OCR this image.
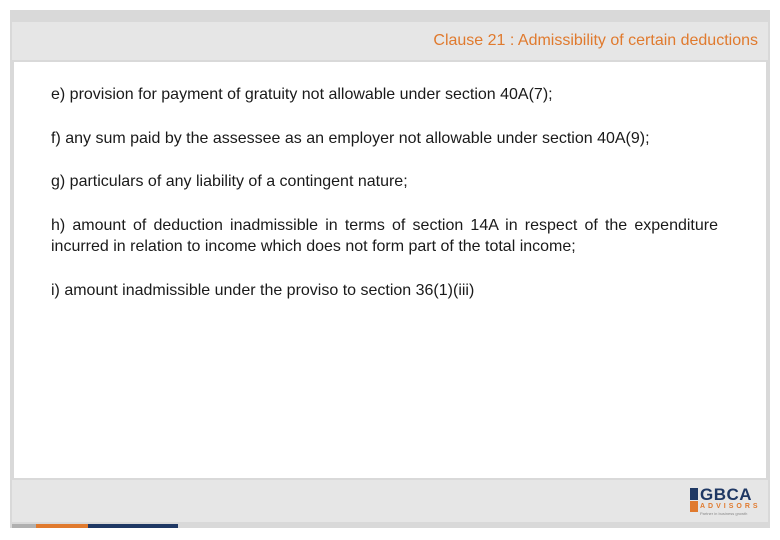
Clause 21 : Admissibility of certain deductions
e) provision for payment of gratuity not allowable under section 40A(7);
f) any sum paid by the assessee as an employer not allowable under section 40A(9);
g) particulars of any liability of a contingent nature;
h) amount of deduction inadmissible in terms of section 14A in respect of the expenditure incurred in relation to income which does not form part of the total income;
i) amount inadmissible under the proviso to section 36(1)(iii)
GBCA
ADVISORS
Partner in business growth
